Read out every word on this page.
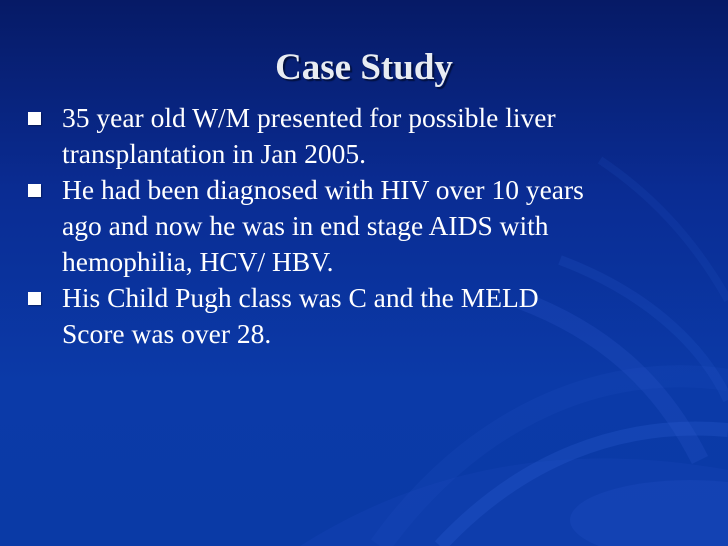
Case Study
35 year old W/M presented for possible liver
transplantation in Jan 2005.
He had been diagnosed with HIV over 10 years
ago and now he was in end stage AIDS with
hemophilia, HCV/ HBV.
His Child Pugh class was C and the MELD
Score was over 28.
